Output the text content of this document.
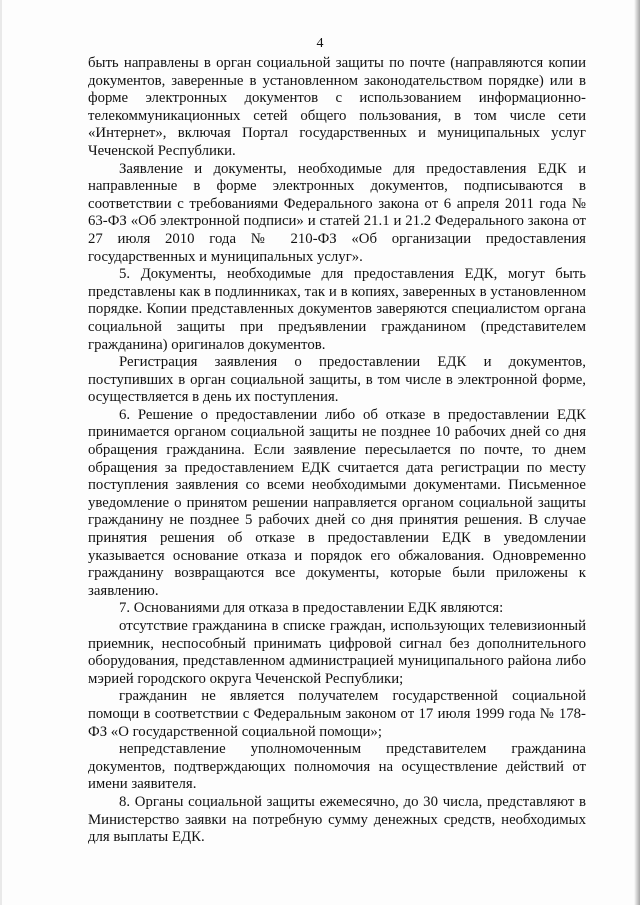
4

быть направлены в орган социальной защиты по почте (направляются копии документов, заверенные в установленном законодательством порядке) или в форме электронных документов с использованием информационно-телекоммуникационных сетей общего пользования, в том числе сети «Интернет», включая Портал государственных и муниципальных услуг Чеченской Республики.

Заявление и документы, необходимые для предоставления ЕДК и направленные в форме электронных документов, подписываются в соответствии с требованиями Федерального закона от 6 апреля 2011 года № 63-ФЗ «Об электронной подписи» и статей 21.1 и 21.2 Федерального закона от 27 июля 2010 года № 210-ФЗ «Об организации предоставления государственных и муниципальных услуг».

5. Документы, необходимые для предоставления ЕДК, могут быть представлены как в подлинниках, так и в копиях, заверенных в установленном порядке. Копии представленных документов заверяются специалистом органа социальной защиты при предъявлении гражданином (представителем гражданина) оригиналов документов.

Регистрация заявления о предоставлении ЕДК и документов, поступивших в орган социальной защиты, в том числе в электронной форме, осуществляется в день их поступления.

6. Решение о предоставлении либо об отказе в предоставлении ЕДК принимается органом социальной защиты не позднее 10 рабочих дней со дня обращения гражданина. Если заявление пересылается по почте, то днем обращения за предоставлением ЕДК считается дата регистрации по месту поступления заявления со всеми необходимыми документами. Письменное уведомление о принятом решении направляется органом социальной защиты гражданину не позднее 5 рабочих дней со дня принятия решения. В случае принятия решения об отказе в предоставлении ЕДК в уведомлении указывается основание отказа и порядок его обжалования. Одновременно гражданину возвращаются все документы, которые были приложены к заявлению.

7. Основаниями для отказа в предоставлении ЕДК являются:

отсутствие гражданина в списке граждан, использующих телевизионный приемник, неспособный принимать цифровой сигнал без дополнительного оборудования, представленном администрацией муниципального района либо мэрией городского округа Чеченской Республики;

гражданин не является получателем государственной социальной помощи в соответствии с Федеральным законом от 17 июля 1999 года № 178-ФЗ «О государственной социальной помощи»;

непредставление уполномоченным представителем гражданина документов, подтверждающих полномочия на осуществление действий от имени заявителя.

8. Органы социальной защиты ежемесячно, до 30 числа, представляют в Министерство заявки на потребную сумму денежных средств, необходимых для выплаты ЕДК.
